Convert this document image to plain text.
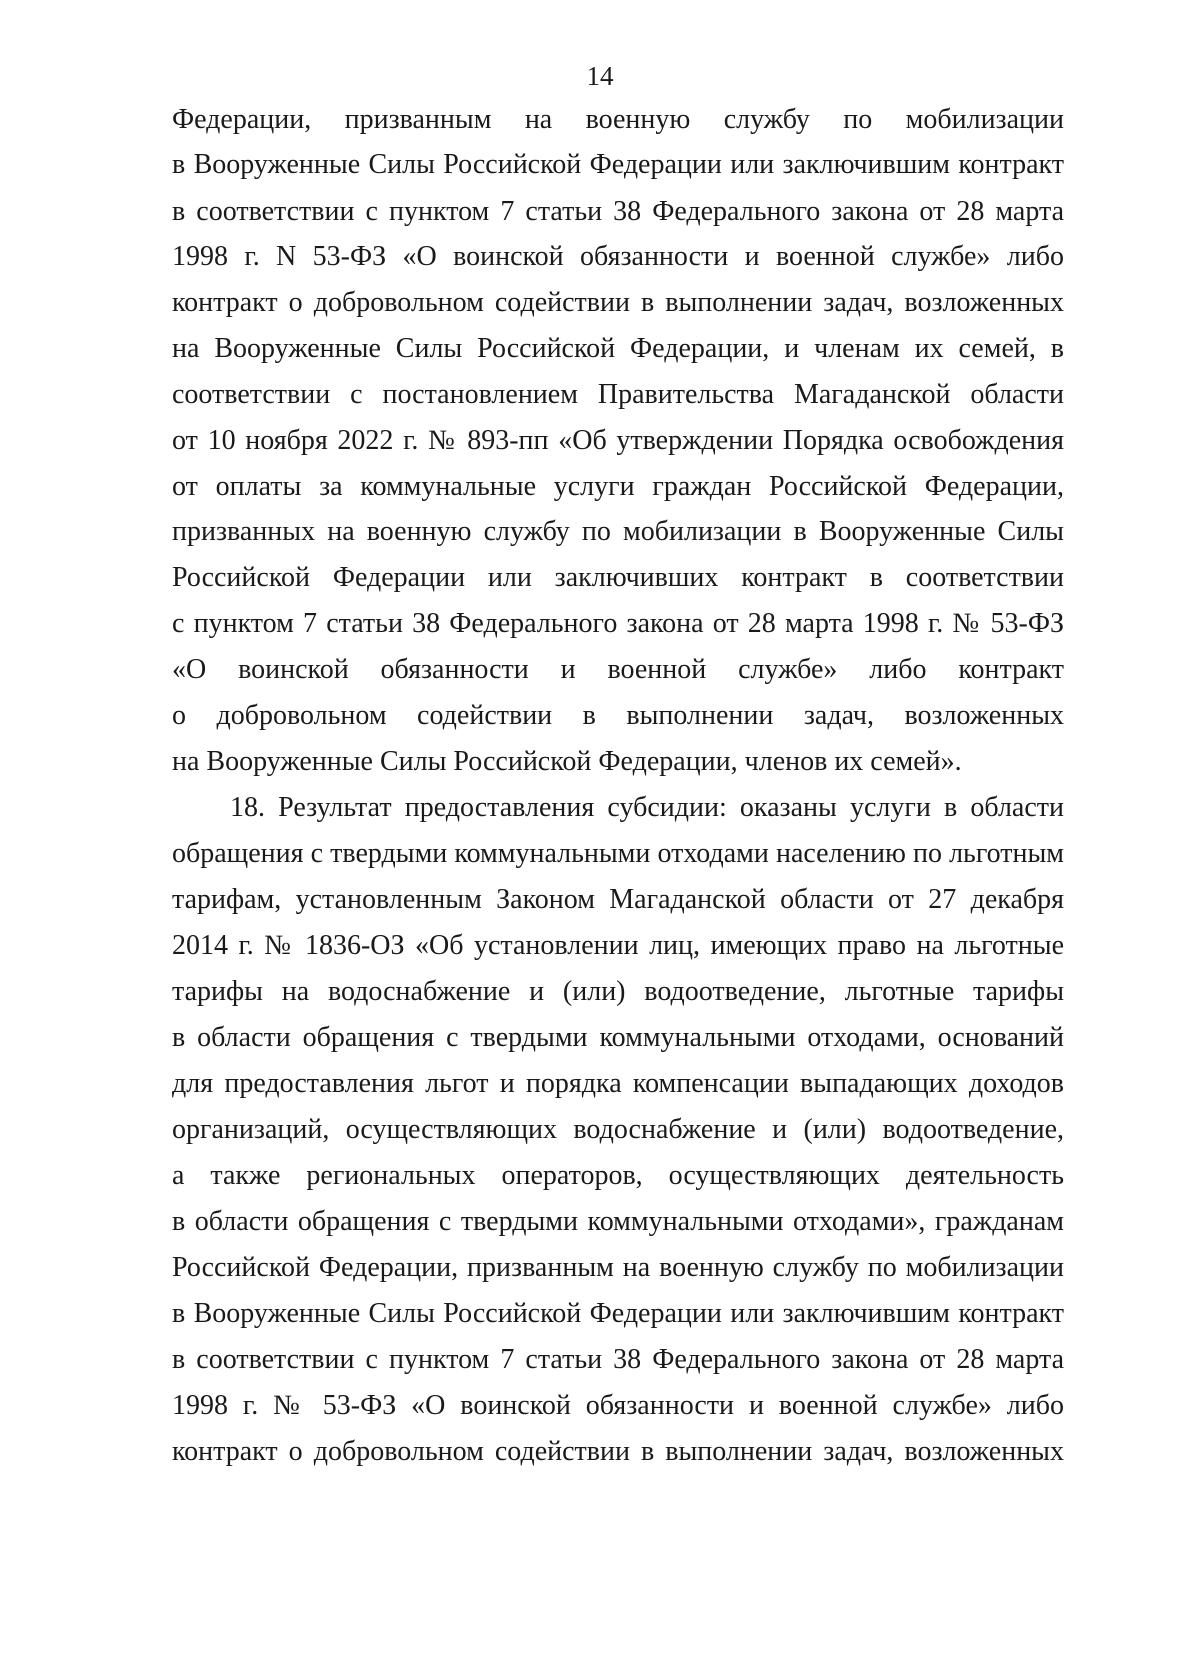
14
Федерации, призванным на военную службу по мобилизации
в Вооруженные Силы Российской Федерации или заключившим контракт
в соответствии с пунктом 7 статьи 38 Федерального закона от 28 марта
1998 г. N 53-ФЗ «О воинской обязанности и военной службе» либо
контракт о добровольном содействии в выполнении задач, возложенных
на Вооруженные Силы Российской Федерации, и членам их семей, в
соответствии с постановлением Правительства Магаданской области
от 10 ноября 2022 г. № 893-пп «Об утверждении Порядка освобождения
от оплаты за коммунальные услуги граждан Российской Федерации,
призванных на военную службу по мобилизации в Вооруженные Силы
Российской Федерации или заключивших контракт в соответствии
с пунктом 7 статьи 38 Федерального закона от 28 марта 1998 г. № 53-ФЗ
«О воинской обязанности и военной службе» либо контракт
о добровольном содействии в выполнении задач, возложенных
на Вооруженные Силы Российской Федерации, членов их семей».
18. Результат предоставления субсидии: оказаны услуги в области
обращения с твердыми коммунальными отходами населению по льготным
тарифам, установленным Законом Магаданской области от 27 декабря
2014 г. № 1836-ОЗ «Об установлении лиц, имеющих право на льготные
тарифы на водоснабжение и (или) водоотведение, льготные тарифы
в области обращения с твердыми коммунальными отходами, оснований
для предоставления льгот и порядка компенсации выпадающих доходов
организаций, осуществляющих водоснабжение и (или) водоотведение,
а также региональных операторов, осуществляющих деятельность
в области обращения с твердыми коммунальными отходами», гражданам
Российской Федерации, призванным на военную службу по мобилизации
в Вооруженные Силы Российской Федерации или заключившим контракт
в соответствии с пунктом 7 статьи 38 Федерального закона от 28 марта
1998 г. № 53-ФЗ «О воинской обязанности и военной службе» либо
контракт о добровольном содействии в выполнении задач, возложенных
